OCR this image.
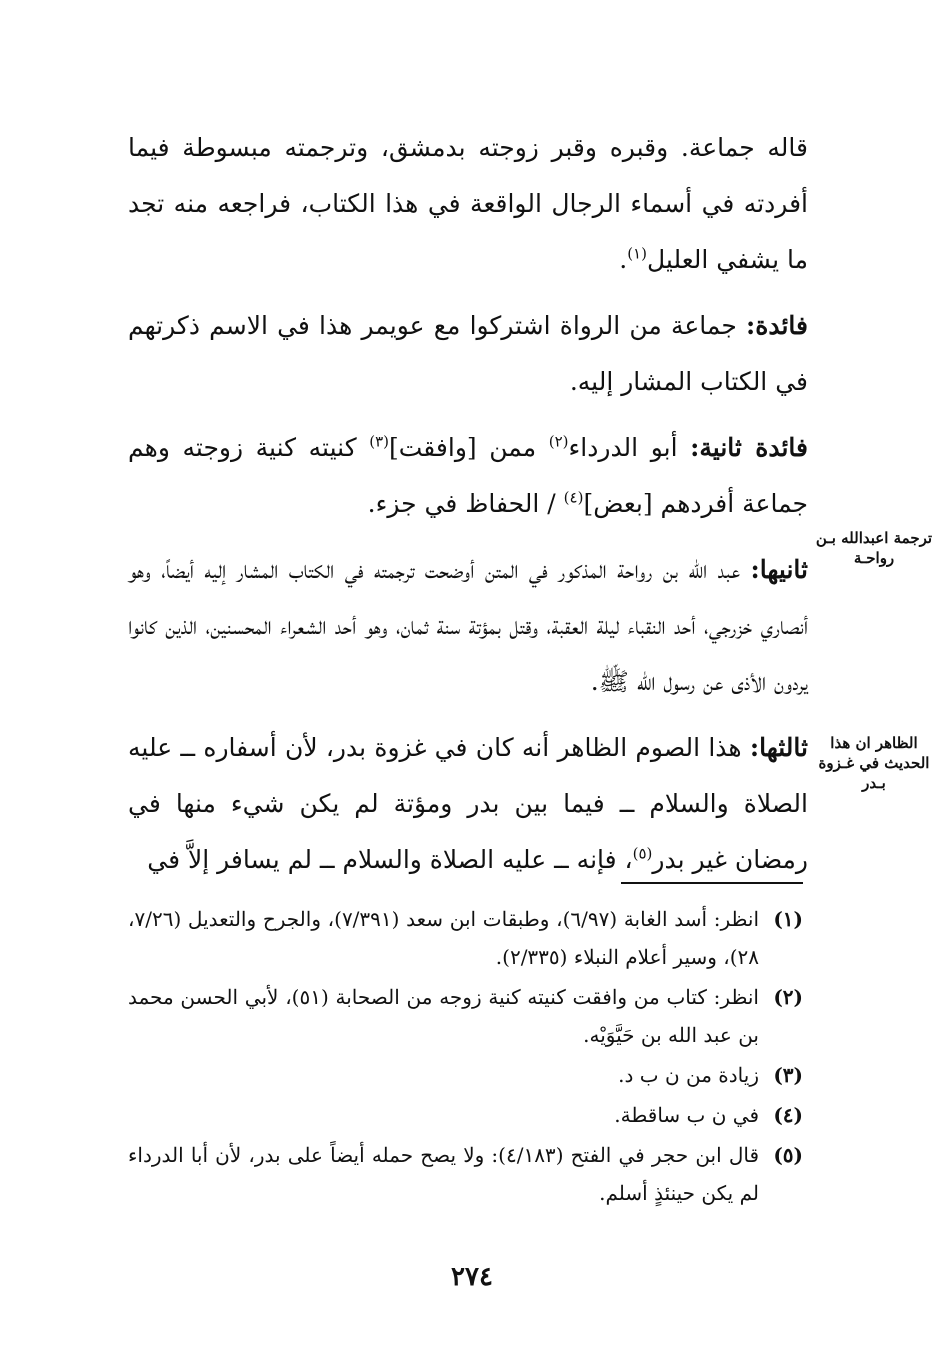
قاله جماعة. وقبره وقبر زوجته بدمشق، وترجمته مبسوطة فيما أفردته في أسماء الرجال الواقعة في هذا الكتاب، فراجعه منه تجد ما يشفي العليل$^{(١)}$.

فائدة: جماعة من الرواة اشتركوا مع عويمر هذا في الاسم ذكرتهم في الكتاب المشار إليه.

فائدة ثانية: أبو الدرداء$^{(٢)}$ ممن [وافقت]$^{(٣)}$ كنيته كنية زوجته وهم جماعة أفردهم [بعض]$^{(٤)}$ / الحفاظ في جزء.

ثانيها: عبد الله بن رواحة المذكور في المتن أوضحت ترجمته في الكتاب المشار إليه أيضاً، وهو أنصاري خزرجي، أحد النقباء ليلة العقبة، وقتل بمؤتة سنة ثمان، وهو أحد الشعراء المحسنين، الذين كانوا يردون الأذى عن رسول الله ﷺ.

ثالثها: هذا الصوم الظاهر أنه كان في غزوة بدر، لأن أسفاره ــ عليه الصلاة والسلام ــ فيما بين بدر ومؤتة لم يكن شيء منها في رمضان غير بدر$^{(٥)}$، فإنه ــ عليه الصلاة والسلام ــ لم يسافر إلاَّ في

ترجمة اعبدالله بـن رواحـة
الظاهر ان هذا الحديث في غـزوة بـدر
(١)
انظر: أسد الغابة (٦/٩٧)، وطبقات ابن سعد (٧/٣٩١)، والجرح والتعديل (٧/٢٦، ٢٨)، وسير أعلام النبلاء (٢/٣٣٥).
(٢)
انظر: كتاب من وافقت كنيته كنية زوجه من الصحابة (٥١)، لأبي الحسن محمد بن عبد الله بن حَيَّوَيْه.
(٣)
زيادة من ن ب د.
(٤)
في ن ب ساقطة.
(٥)
قال ابن حجر في الفتح (٤/١٨٣): ولا يصح حمله أيضاً على بدر، لأن أبا الدرداء لم يكن حينئذٍ أسلم.
٢٧٤
